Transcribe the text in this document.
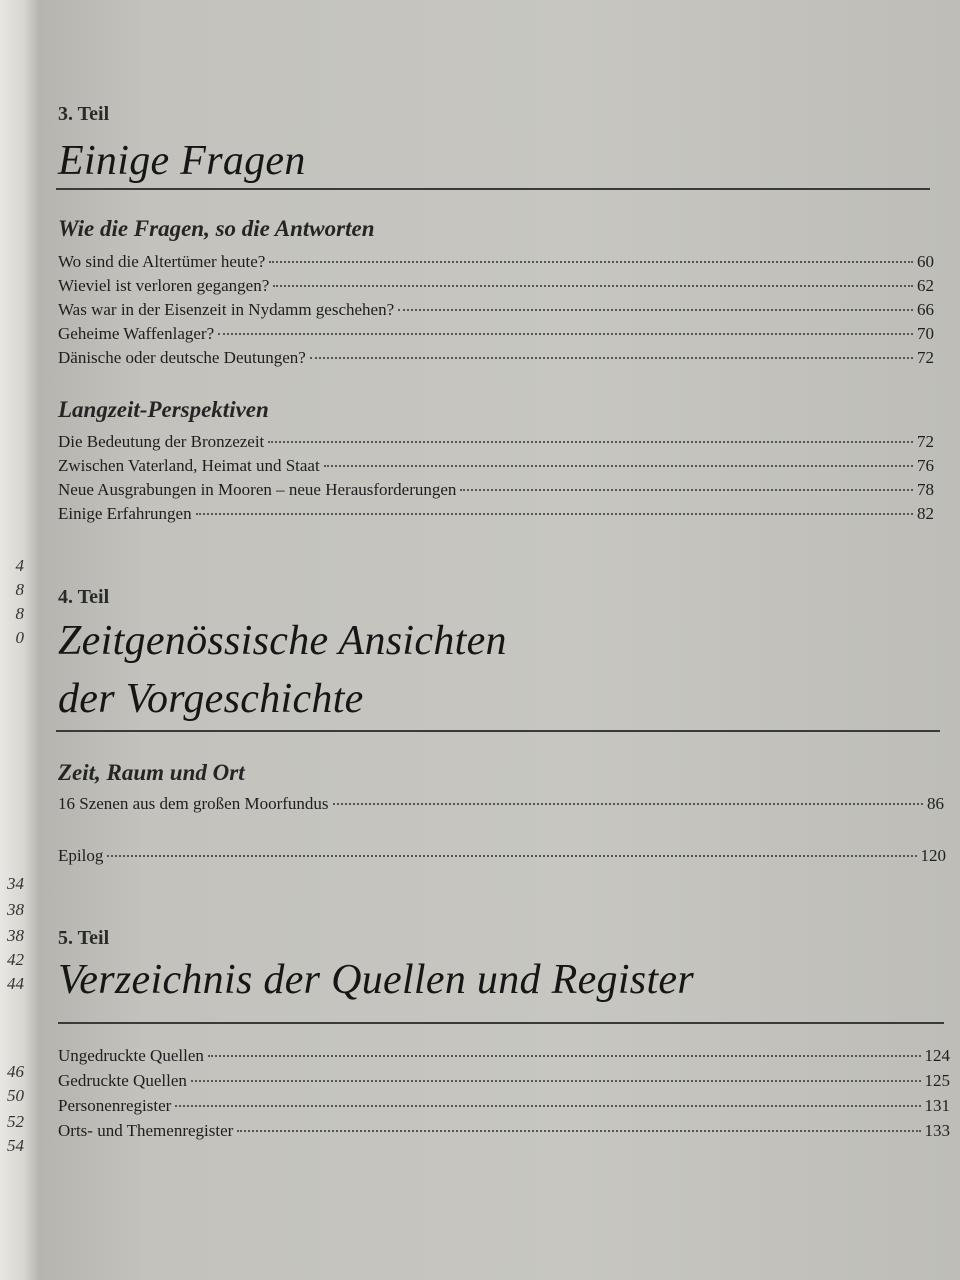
4
8
8
0
34
38
38
42
44
46
50
52
54
3. Teil
Einige Fragen
Wie die Fragen, so die Antworten
Wo sind die Altertümer heute?	60
Wieviel ist verloren gegangen?	62
Was war in der Eisenzeit in Nydamm geschehen?	66
Geheime Waffenlager?	70
Dänische oder deutsche Deutungen?	72
Langzeit-Perspektiven
Die Bedeutung der Bronzezeit	72
Zwischen Vaterland, Heimat und Staat	76
Neue Ausgrabungen in Mooren – neue Herausforderungen	78
Einige Erfahrungen	82
4. Teil
Zeitgenössische Ansichten
der Vorgeschichte
Zeit, Raum und Ort
16 Szenen aus dem großen Moorfundus	86
Epilog	120
5. Teil
Verzeichnis der Quellen und Register
Ungedruckte Quellen	124
Gedruckte Quellen	125
Personenregister	131
Orts- und Themenregister	133
